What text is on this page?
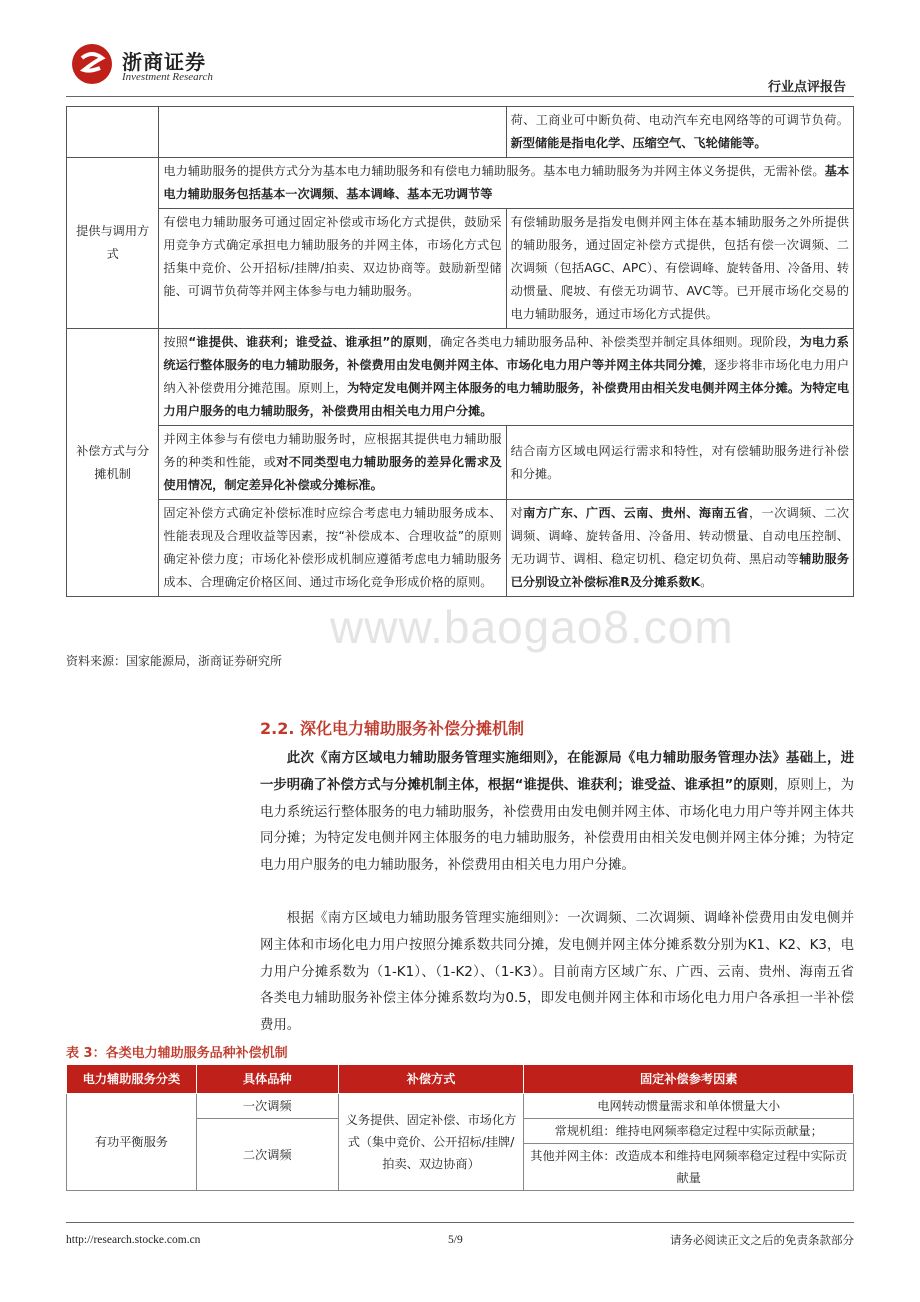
浙商证券
Investment Research
行业点评报告
		荷、工商业可中断负荷、电动汽车充电网络等的可调节负荷。新型储能是指电化学、压缩空气、飞轮储能等。
提供与调用方式	电力辅助服务的提供方式分为基本电力辅助服务和有偿电力辅助服务。基本电力辅助服务为并网主体义务提供，无需补偿。基本电力辅助服务包括基本一次调频、基本调峰、基本无功调节等	
	有偿电力辅助服务可通过固定补偿或市场化方式提供，鼓励采用竞争方式确定承担电力辅助服务的并网主体，市场化方式包括集中竞价、公开招标/挂牌/拍卖、双边协商等。鼓励新型储能、可调节负荷等并网主体参与电力辅助服务。	有偿辅助服务是指发电侧并网主体在基本辅助服务之外所提供的辅助服务，通过固定补偿方式提供，包括有偿一次调频、二次调频（包括AGC、APC）、有偿调峰、旋转备用、冷备用、转动惯量、爬坡、有偿无功调节、AVC等。已开展市场化交易的电力辅助服务，通过市场化方式提供。
补偿方式与分摊机制	按照“谁提供、谁获利；谁受益、谁承担”的原则，确定各类电力辅助服务品种、补偿类型并制定具体细则。现阶段，为电力系统运行整体服务的电力辅助服务，补偿费用由发电侧并网主体、市场化电力用户等并网主体共同分摊，逐步将非市场化电力用户纳入补偿费用分摊范围。原则上，为特定发电侧并网主体服务的电力辅助服务，补偿费用由相关发电侧并网主体分摊。为特定电力用户服务的电力辅助服务，补偿费用由相关电力用户分摊。	
	并网主体参与有偿电力辅助服务时，应根据其提供电力辅助服务的种类和性能，或对不同类型电力辅助服务的差异化需求及使用情况，制定差异化补偿或分摊标准。	结合南方区域电网运行需求和特性，对有偿辅助服务进行补偿和分摊。
	固定补偿方式确定补偿标准时应综合考虑电力辅助服务成本、性能表现及合理收益等因素，按“补偿成本、合理收益”的原则确定补偿力度；市场化补偿形成机制应遵循考虑电力辅助服务成本、合理确定价格区间、通过市场化竞争形成价格的原则。	对南方广东、广西、云南、贵州、海南五省，一次调频、二次调频、调峰、旋转备用、冷备用、转动惯量、自动电压控制、无功调节、调相、稳定切机、稳定切负荷、黑启动等辅助服务已分别设立补偿标准R及分摊系数K。
资料来源：国家能源局，浙商证券研究所
www.baogao8.com
2.2. 深化电力辅助服务补偿分摊机制
此次《南方区域电力辅助服务管理实施细则》，在能源局《电力辅助服务管理办法》基础上，进一步明确了补偿方式与分摊机制主体，根据“谁提供、谁获利；谁受益、谁承担”的原则，原则上，为电力系统运行整体服务的电力辅助服务，补偿费用由发电侧并网主体、市场化电力用户等并网主体共同分摊；为特定发电侧并网主体服务的电力辅助服务，补偿费用由相关发电侧并网主体分摊；为特定电力用户服务的电力辅助服务，补偿费用由相关电力用户分摊。
根据《南方区域电力辅助服务管理实施细则》：一次调频、二次调频、调峰补偿费用由发电侧并网主体和市场化电力用户按照分摊系数共同分摊，发电侧并网主体分摊系数分别为K1、K2、K3，电力用户分摊系数为（1-K1）、（1-K2）、（1-K3）。目前南方区域广东、广西、云南、贵州、海南五省各类电力辅助服务补偿主体分摊系数均为0.5，即发电侧并网主体和市场化电力用户各承担一半补偿费用。
表 3：各类电力辅助服务品种补偿机制
电力辅助服务分类	具体品种	补偿方式	固定补偿参考因素
有功平衡服务	一次调频	义务提供、固定补偿、市场化方式（集中竞价、公开招标/挂牌/拍卖、双边协商）	电网转动惯量需求和单体惯量大小
	二次调频		常规机组：维持电网频率稳定过程中实际贡献量；
			其他并网主体：改造成本和维持电网频率稳定过程中实际贡献量
http://research.stocke.com.cn	5/9	请务必阅读正文之后的免责条款部分
